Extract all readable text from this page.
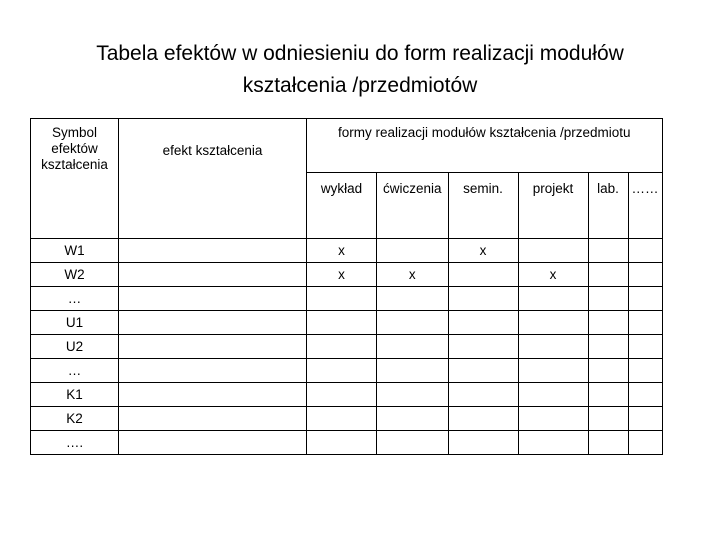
Tabela efektów w odniesieniu do form realizacji modułów
kształcenia /przedmiotów
Symbol efektów kształcenia	efekt kształcenia	formy realizacji modułów kształcenia /przedmiotu					
		wykład	ćwiczenia	semin.	projekt	lab.	……
W1		x		x			
W2		x	x		x		
…							
U1							
U2							
…							
K1							
K2							
….							
